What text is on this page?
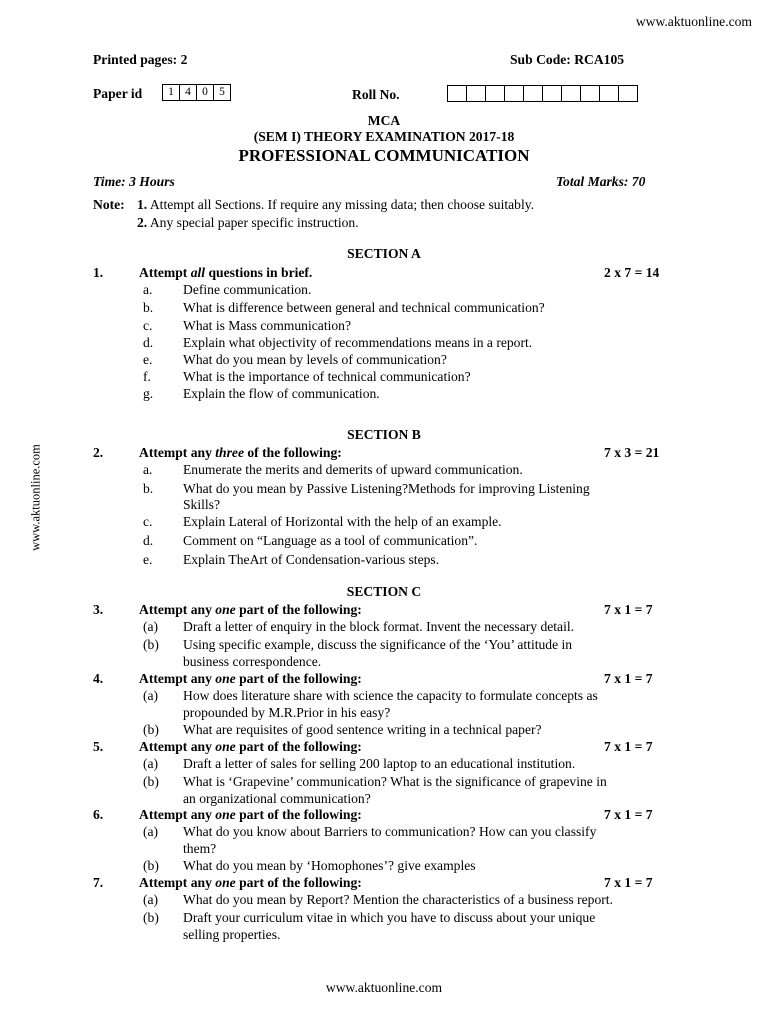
www.aktuonline.com
www.aktuonline.com
www.aktuonline.com
Printed pages: 2	Sub Code: RCA105
Paper id	1 4 0 5	Roll No.
MCA
(SEM I) THEORY EXAMINATION 2017-18
PROFESSIONAL COMMUNICATION
Time: 3 Hours	Total Marks: 70
Note: 1. Attempt all Sections. If require any missing data; then choose suitably.
2. Any special paper specific instruction.
SECTION A
1.	Attempt all questions in brief.	2 x 7 = 14
a. Define communication.
b. What is difference between general and technical communication?
c. What is Mass communication?
d. Explain what objectivity of recommendations means in a report.
e. What do you mean by levels of communication?
f. What is the importance of technical communication?
g. Explain the flow of communication.
SECTION B
2.	Attempt any three of the following:	7 x 3 = 21
a. Enumerate the merits and demerits of upward communication.
b. What do you mean by Passive Listening?Methods for improving Listening
Skills?
c. Explain Lateral of Horizontal with the help of an example.
d. Comment on “Language as a tool of communication”.
e. Explain TheArt of Condensation-various steps.
SECTION C
3.	Attempt any one part of the following:	7 x 1 = 7
(a) Draft a letter of enquiry in the block format. Invent the necessary detail.
(b) Using specific example, discuss the significance of the ‘You’ attitude in
business correspondence.
4.	Attempt any one part of the following:	7 x 1 = 7
(a) How does literature share with science the capacity to formulate concepts as
propounded by M.R.Prior in his easy?
(b) What are requisites of good sentence writing in a technical paper?
5.	Attempt any one part of the following:	7 x 1 = 7
(a) Draft a letter of sales for selling 200 laptop to an educational institution.
(b) What is ‘Grapevine’ communication? What is the significance of grapevine in
an organizational communication?
6.	Attempt any one part of the following:	7 x 1 = 7
(a) What do you know about Barriers to communication? How can you classify
them?
(b) What do you mean by ‘Homophones’? give examples
7.	Attempt any one part of the following:	7 x 1 = 7
(a) What do you mean by Report? Mention the characteristics of a business report.
(b) Draft your curriculum vitae in which you have to discuss about your unique
selling properties.
